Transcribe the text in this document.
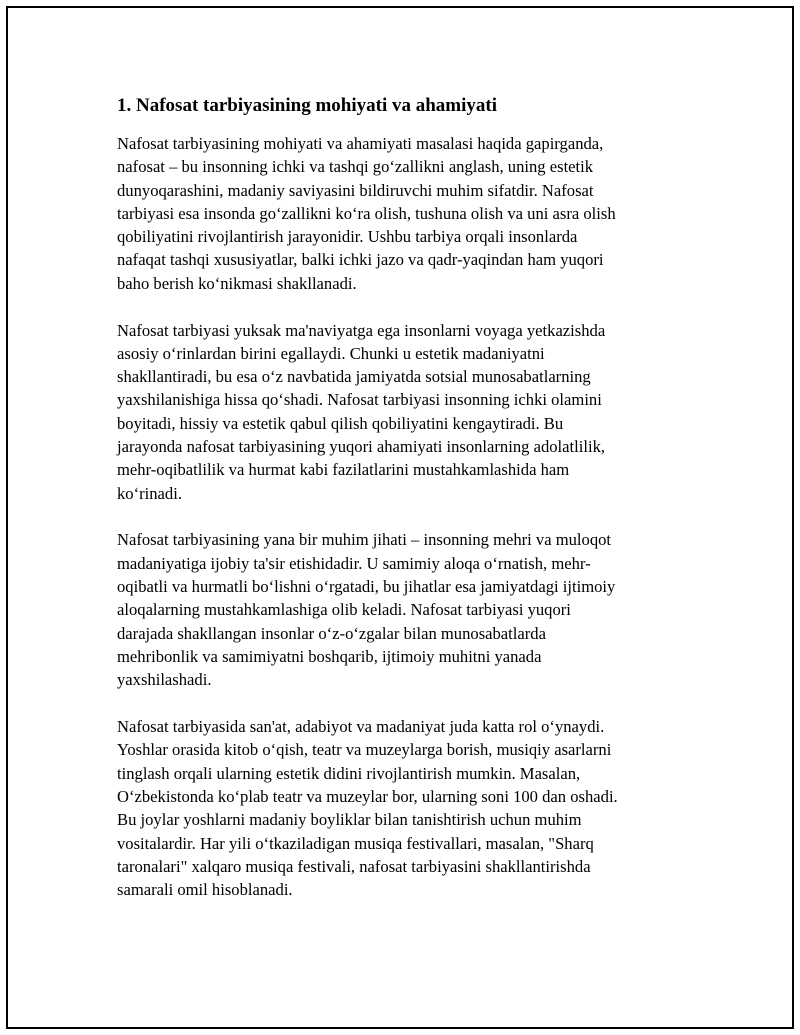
1. Nafosat tarbiyasining mohiyati va ahamiyati
Nafosat tarbiyasining mohiyati va ahamiyati masalasi haqida gapirganda,
nafosat – bu insonning ichki va tashqi go‘zallikni anglash, uning estetik
dunyoqarashini, madaniy saviyasini bildiruvchi muhim sifatdir. Nafosat
tarbiyasi esa insonda go‘zallikni ko‘ra olish, tushuna olish va uni asra olish
qobiliyatini rivojlantirish jarayonidir. Ushbu tarbiya orqali insonlarda
nafaqat tashqi xususiyatlar, balki ichki jazo va qadr-yaqindan ham yuqori
baho berish ko‘nikmasi shakllanadi.
Nafosat tarbiyasi yuksak ma'naviyatga ega insonlarni voyaga yetkazishda
asosiy o‘rinlardan birini egallaydi. Chunki u estetik madaniyatni
shakllantiradi, bu esa o‘z navbatida jamiyatda sotsial munosabatlarning
yaxshilanishiga hissa qo‘shadi. Nafosat tarbiyasi insonning ichki olamini
boyitadi, hissiy va estetik qabul qilish qobiliyatini kengaytiradi. Bu
jarayonda nafosat tarbiyasining yuqori ahamiyati insonlarning adolatlilik,
mehr-oqibatlilik va hurmat kabi fazilatlarini mustahkamlashida ham
ko‘rinadi.
Nafosat tarbiyasining yana bir muhim jihati – insonning mehri va muloqot
madaniyatiga ijobiy ta'sir etishidadir. U samimiy aloqa o‘rnatish, mehr-
oqibatli va hurmatli bo‘lishni o‘rgatadi, bu jihatlar esa jamiyatdagi ijtimoiy
aloqalarning mustahkamlashiga olib keladi. Nafosat tarbiyasi yuqori
darajada shakllangan insonlar o‘z-o‘zgalar bilan munosabatlarda
mehribonlik va samimiyatni boshqarib, ijtimoiy muhitni yanada
yaxshilashadi.
Nafosat tarbiyasida san'at, adabiyot va madaniyat juda katta rol o‘ynaydi.
Yoshlar orasida kitob o‘qish, teatr va muzeylarga borish, musiqiy asarlarni
tinglash orqali ularning estetik didini rivojlantirish mumkin. Masalan,
O‘zbekistonda ko‘plab teatr va muzeylar bor, ularning soni 100 dan oshadi.
Bu joylar yoshlarni madaniy boyliklar bilan tanishtirish uchun muhim
vositalardir. Har yili o‘tkaziladigan musiqa festivallari, masalan, "Sharq
taronalari" xalqaro musiqa festivali, nafosat tarbiyasini shakllantirishda
samarali omil hisoblanadi.
